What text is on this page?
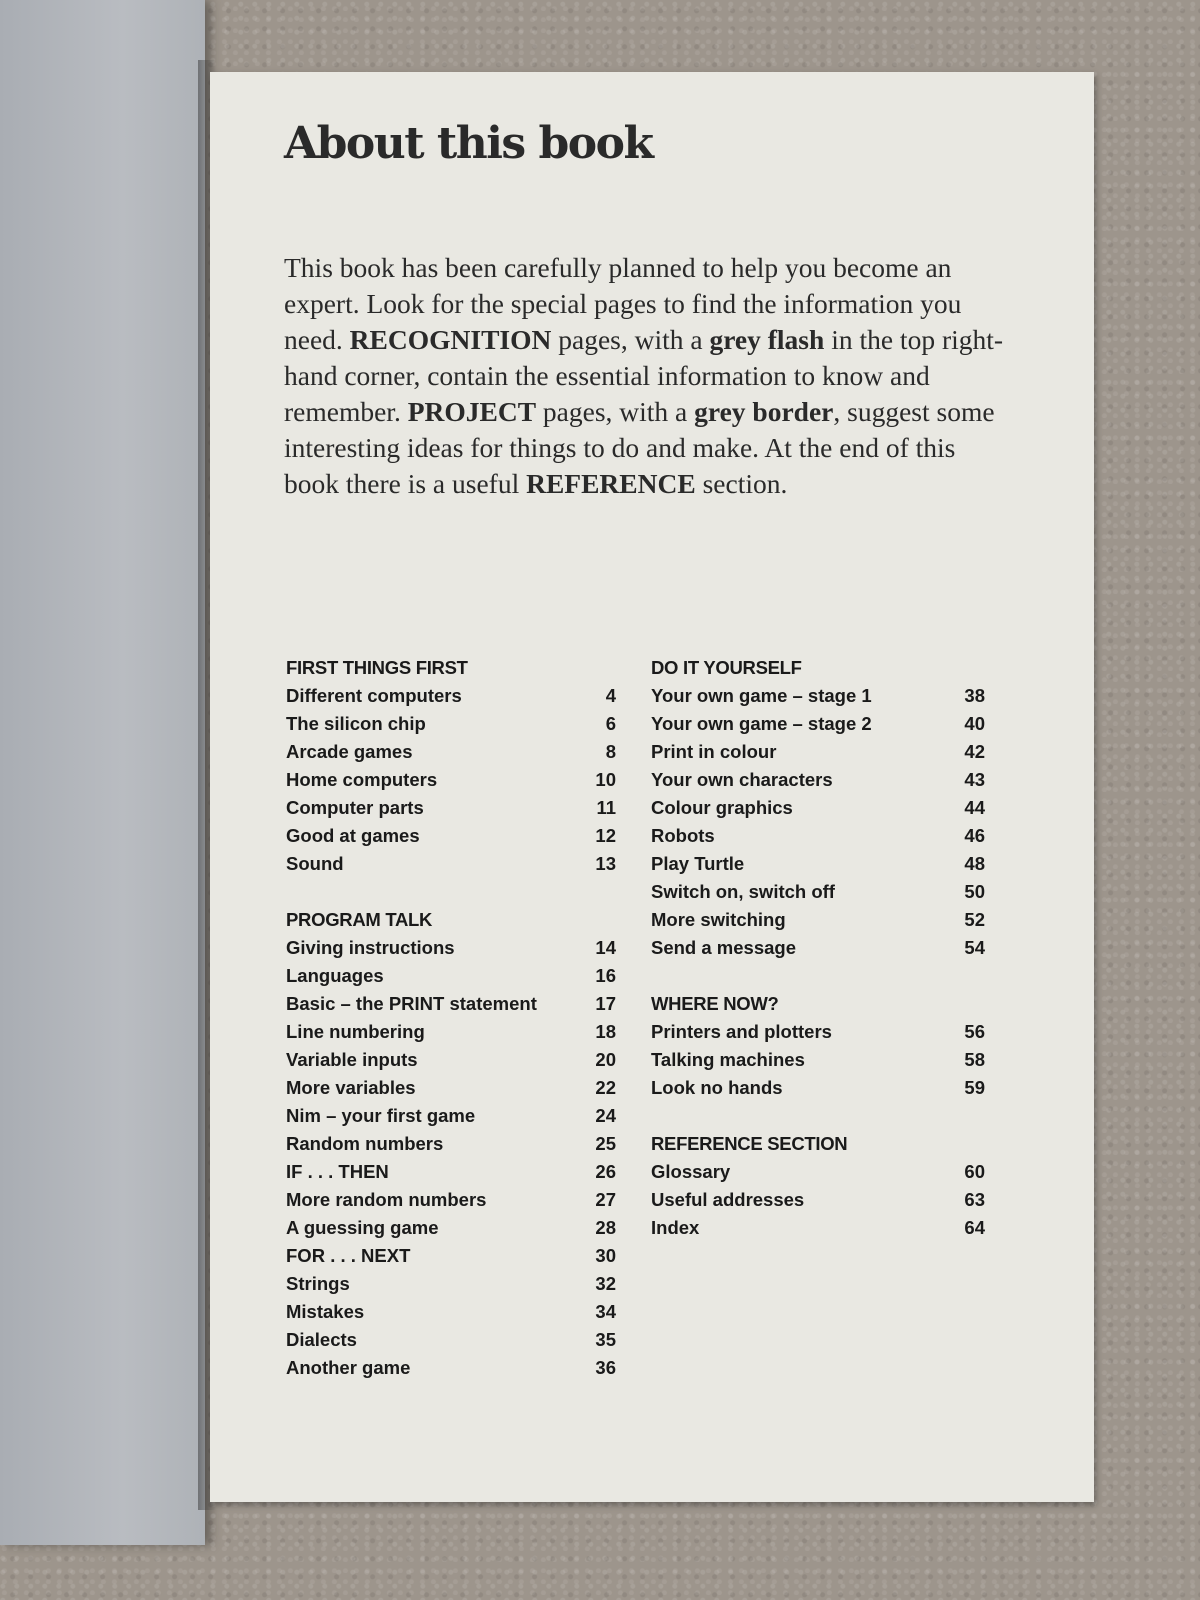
About this book

This book has been carefully planned to help you become an expert. Look for the special pages to find the information you need. RECOGNITION pages, with a grey flash in the top right-hand corner, contain the essential information to know and remember. PROJECT pages, with a grey border, suggest some interesting ideas for things to do and make. At the end of this book there is a useful REFERENCE section.

FIRST THINGS FIRST
Different computers	4
The silicon chip	6
Arcade games	8
Home computers	10
Computer parts	11
Good at games	12
Sound	13
PROGRAM TALK
Giving instructions	14
Languages	16
Basic – the PRINT statement	17
Line numbering	18
Variable inputs	20
More variables	22
Nim – your first game	24
Random numbers	25
IF . . . THEN	26
More random numbers	27
A guessing game	28
FOR . . . NEXT	30
Strings	32
Mistakes	34
Dialects	35
Another game	36
DO IT YOURSELF
Your own game – stage 1	38
Your own game – stage 2	40
Print in colour	42
Your own characters	43
Colour graphics	44
Robots	46
Play Turtle	48
Switch on, switch off	50
More switching	52
Send a message	54
WHERE NOW?
Printers and plotters	56
Talking machines	58
Look no hands	59
REFERENCE SECTION
Glossary	60
Useful addresses	63
Index	64
